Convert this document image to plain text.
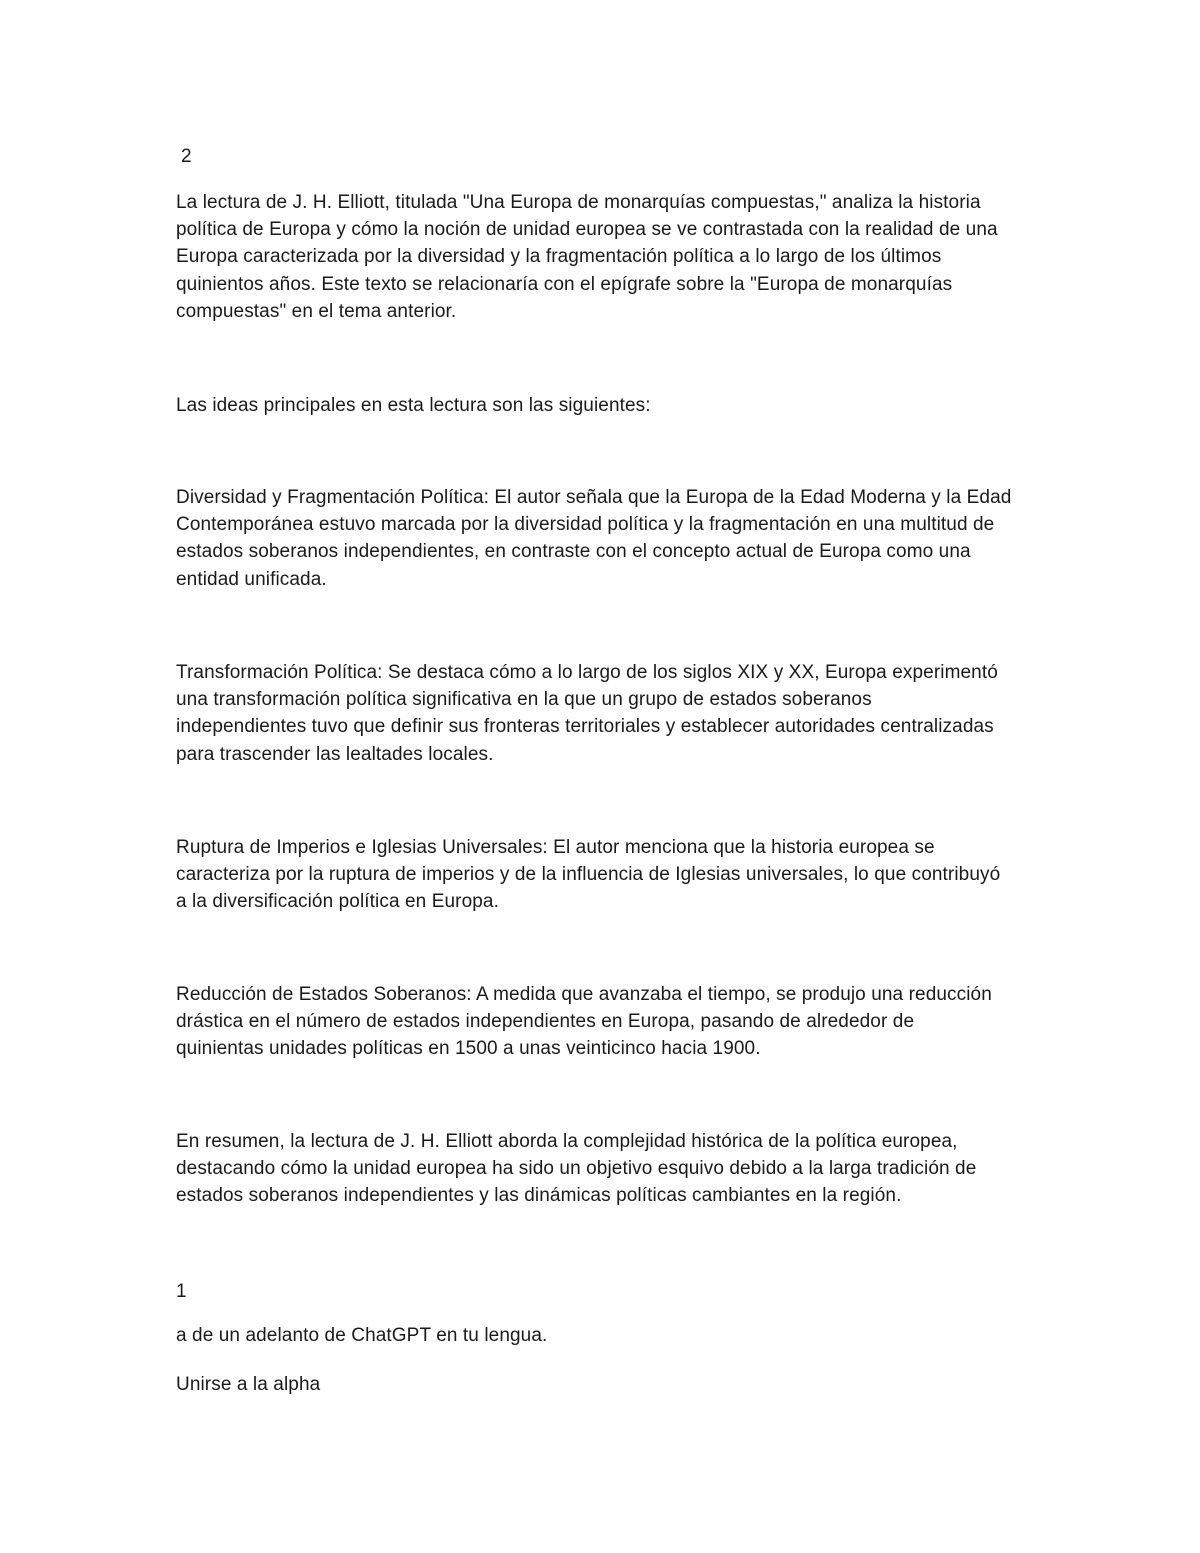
2

La lectura de J. H. Elliott, titulada "Una Europa de monarquías compuestas," analiza la historia
política de Europa y cómo la noción de unidad europea se ve contrastada con la realidad de una
Europa caracterizada por la diversidad y la fragmentación política a lo largo de los últimos
quinientos años. Este texto se relacionaría con el epígrafe sobre la "Europa de monarquías
compuestas" en el tema anterior.

Las ideas principales en esta lectura son las siguientes:

Diversidad y Fragmentación Política: El autor señala que la Europa de la Edad Moderna y la Edad
Contemporánea estuvo marcada por la diversidad política y la fragmentación en una multitud de
estados soberanos independientes, en contraste con el concepto actual de Europa como una
entidad unificada.

Transformación Política: Se destaca cómo a lo largo de los siglos XIX y XX, Europa experimentó
una transformación política significativa en la que un grupo de estados soberanos
independientes tuvo que definir sus fronteras territoriales y establecer autoridades centralizadas
para trascender las lealtades locales.

Ruptura de Imperios e Iglesias Universales: El autor menciona que la historia europea se
caracteriza por la ruptura de imperios y de la influencia de Iglesias universales, lo que contribuyó
a la diversificación política en Europa.

Reducción de Estados Soberanos: A medida que avanzaba el tiempo, se produjo una reducción
drástica en el número de estados independientes en Europa, pasando de alrededor de
quinientas unidades políticas en 1500 a unas veinticinco hacia 1900.

En resumen, la lectura de J. H. Elliott aborda la complejidad histórica de la política europea,
destacando cómo la unidad europea ha sido un objetivo esquivo debido a la larga tradición de
estados soberanos independientes y las dinámicas políticas cambiantes en la región.

1

a de un adelanto de ChatGPT en tu lengua.

Unirse a la alpha
